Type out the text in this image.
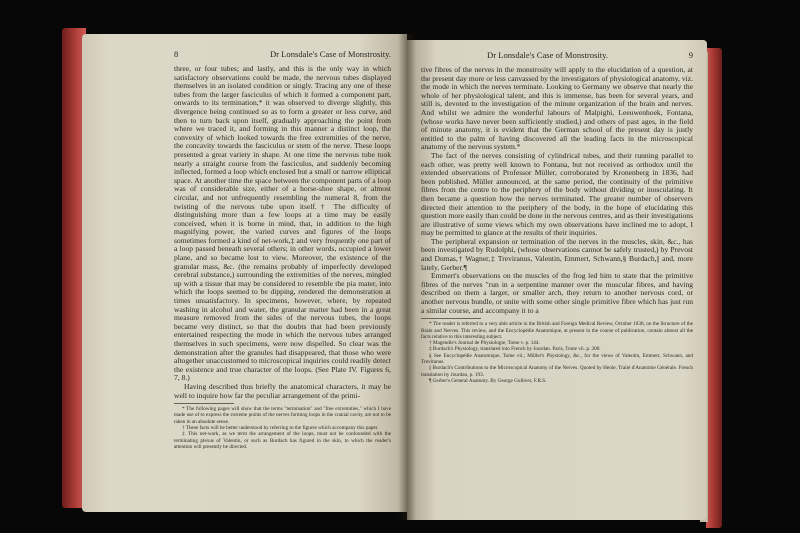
8	Dr Lonsdale's Case of Monstrosity.

three, or four tubes; and lastly, and this is the only way in which satisfactory observations could be made, the nervous tubes displayed themselves in an isolated condition or singly. Tracing any one of these tubes from the larger fasciculus of which it formed a component part, onwards to its termination,* it was observed to diverge slightly, this divergence being continued so as to form a greater or less curve, and then to turn back upon itself, gradually approaching the point from where we traced it, and forming in this manner a distinct loop, the convexity of which looked towards the free extremities of the nerve, the concavity towards the fasciculus or stem of the nerve. These loops presented a great variety in shape. At one time the nervous tube took nearly a straight course from the fasciculus, and suddenly becoming inflected, formed a loop which enclosed but a small or narrow elliptical space. At another time the space between the component parts of a loop was of considerable size, either of a horse-shoe shape, or almost circular, and not unfrequently resembling the numeral 8, from the twisting of the nervous tube upon itself.† The difficulty of distinguishing more than a few loops at a time may be easily conceived, when it is borne in mind, that, in addition to the high magnifying power, the varied curves and figures of the loops sometimes formed a kind of net-work,‡ and very frequently one part of a loop passed beneath several others; in other words, occupied a lower plane, and so became lost to view. Moreover, the existence of the granular mass, &c. (the remains probably of imperfectly developed cerebral substance,) surrounding the extremities of the nerves, mingled up with a tissue that may be considered to resemble the pia mater, into which the loops seemed to be dipping, rendered the demonstration at times unsatisfactory. In specimens, however, where, by repeated washing in alcohol and water, the granular matter had been in a great measure removed from the sides of the nervous tubes, the loops became very distinct, so that the doubts that had been previously entertained respecting the mode in which the nervous tubes arranged themselves in such specimens, were now dispelled. So clear was the demonstration after the granules had disappeared, that those who were altogether unaccustomed to microscopical inquiries could readily detect the existence and true character of the loops. (See Plate IV. Figures 6, 7, 8.)

Having described thus briefly the anatomical characters, it may be well to inquire how far the peculiar arrangement of the primi-

* The following pages will show that the terms "termination" and "free extremities," which I have made use of to express the extreme points of the nerves forming loops in the cranial cavity, are not to be taken in an absolute sense.

† These facts will be better understood by referring to the figures which accompany this paper.

‡ This net-work, as we term the arrangement of the loops, must not be confounded with the terminating plexus of Valentin, or such as Burdach has figured in the skin, to which the reader's attention will presently be directed.

Dr Lonsdale's Case of Monstrosity.	9

tive fibres of the nerves in the monstrosity will apply to the elucidation of a question, at the present day more or less canvassed by the investigators of physiological anatomy, viz. the mode in which the nerves terminate. Looking to Germany we observe that nearly the whole of her physiological talent, and this is immense, has been for several years, and still is, devoted to the investigation of the minute organization of the brain and nerves. And whilst we admire the wonderful labours of Malpighi, Leeuwenhoek, Fontana, (whose works have never been sufficiently studied,) and others of past ages, in the field of minute anatomy, it is evident that the German school of the present day is justly entitled to the palm of having discovered all the leading facts in the microscopical anatomy of the nervous system.*

The fact of the nerves consisting of cylindrical tubes, and their running parallel to each other, was pretty well known to Fontana, but not received as orthodox until the extended observations of Professor Müller, corroborated by Kronenberg in 1836, had been published. Müller announced, at the same period, the continuity of the primitive fibres from the centre to the periphery of the body without dividing or inosculating. It then became a question how the nerves terminated. The greater number of observers directed their attention to the periphery of the body, in the hope of elucidating this question more easily than could be done in the nervous centres, and as their investigations are illustrative of some views which my own observations have inclined me to adopt, I may be permitted to glance at the results of their inquiries.

The peripheral expansion or termination of the nerves in the muscles, skin, &c., has been investigated by Rudolphi, (whose observations cannot be safely trusted,) by Prevost and Dumas,† Wagner,‡ Treviranus, Valentin, Emmert, Schwann,§ Burdach,|| and, more lately, Gerber.¶

Emmert's observations on the muscles of the frog led him to state that the primitive fibres of the nerves "run in a serpentine manner over the muscular fibres, and having described on them a larger, or smaller arch, they return to another nervous cord, or another nervous bundle, or unite with some other single primitive fibre which has just run a similar course, and accompany it to a

* The reader is referred to a very able article in the British and Foreign Medical Review, October 1838, on the Structure of the Brain and Nerves. This review, and the Encyclopédie Anatomique, at present in the course of publication, contain almost all the facts relative to this interesting subject.

† Magendie's Journal de Physiologie, Tome v. p. 144.

‡ Burdach's Physiology, translated into French by Jourdan. Paris, Tome vii. p. 300.

§ See Encyclopédie Anatomique, Tome vii.; Müller's Physiology, &c., for the views of Valentin, Emmert, Schwann, and Treviranus.

|| Burdach's Contributions to the Microscopical Anatomy of the Nerves. Quoted by Henle, Traité d'Anatomie Générale. French translation by Jourdan, p. 193.

¶ Gerber's General Anatomy. By George Gulliver, F.R.S.
